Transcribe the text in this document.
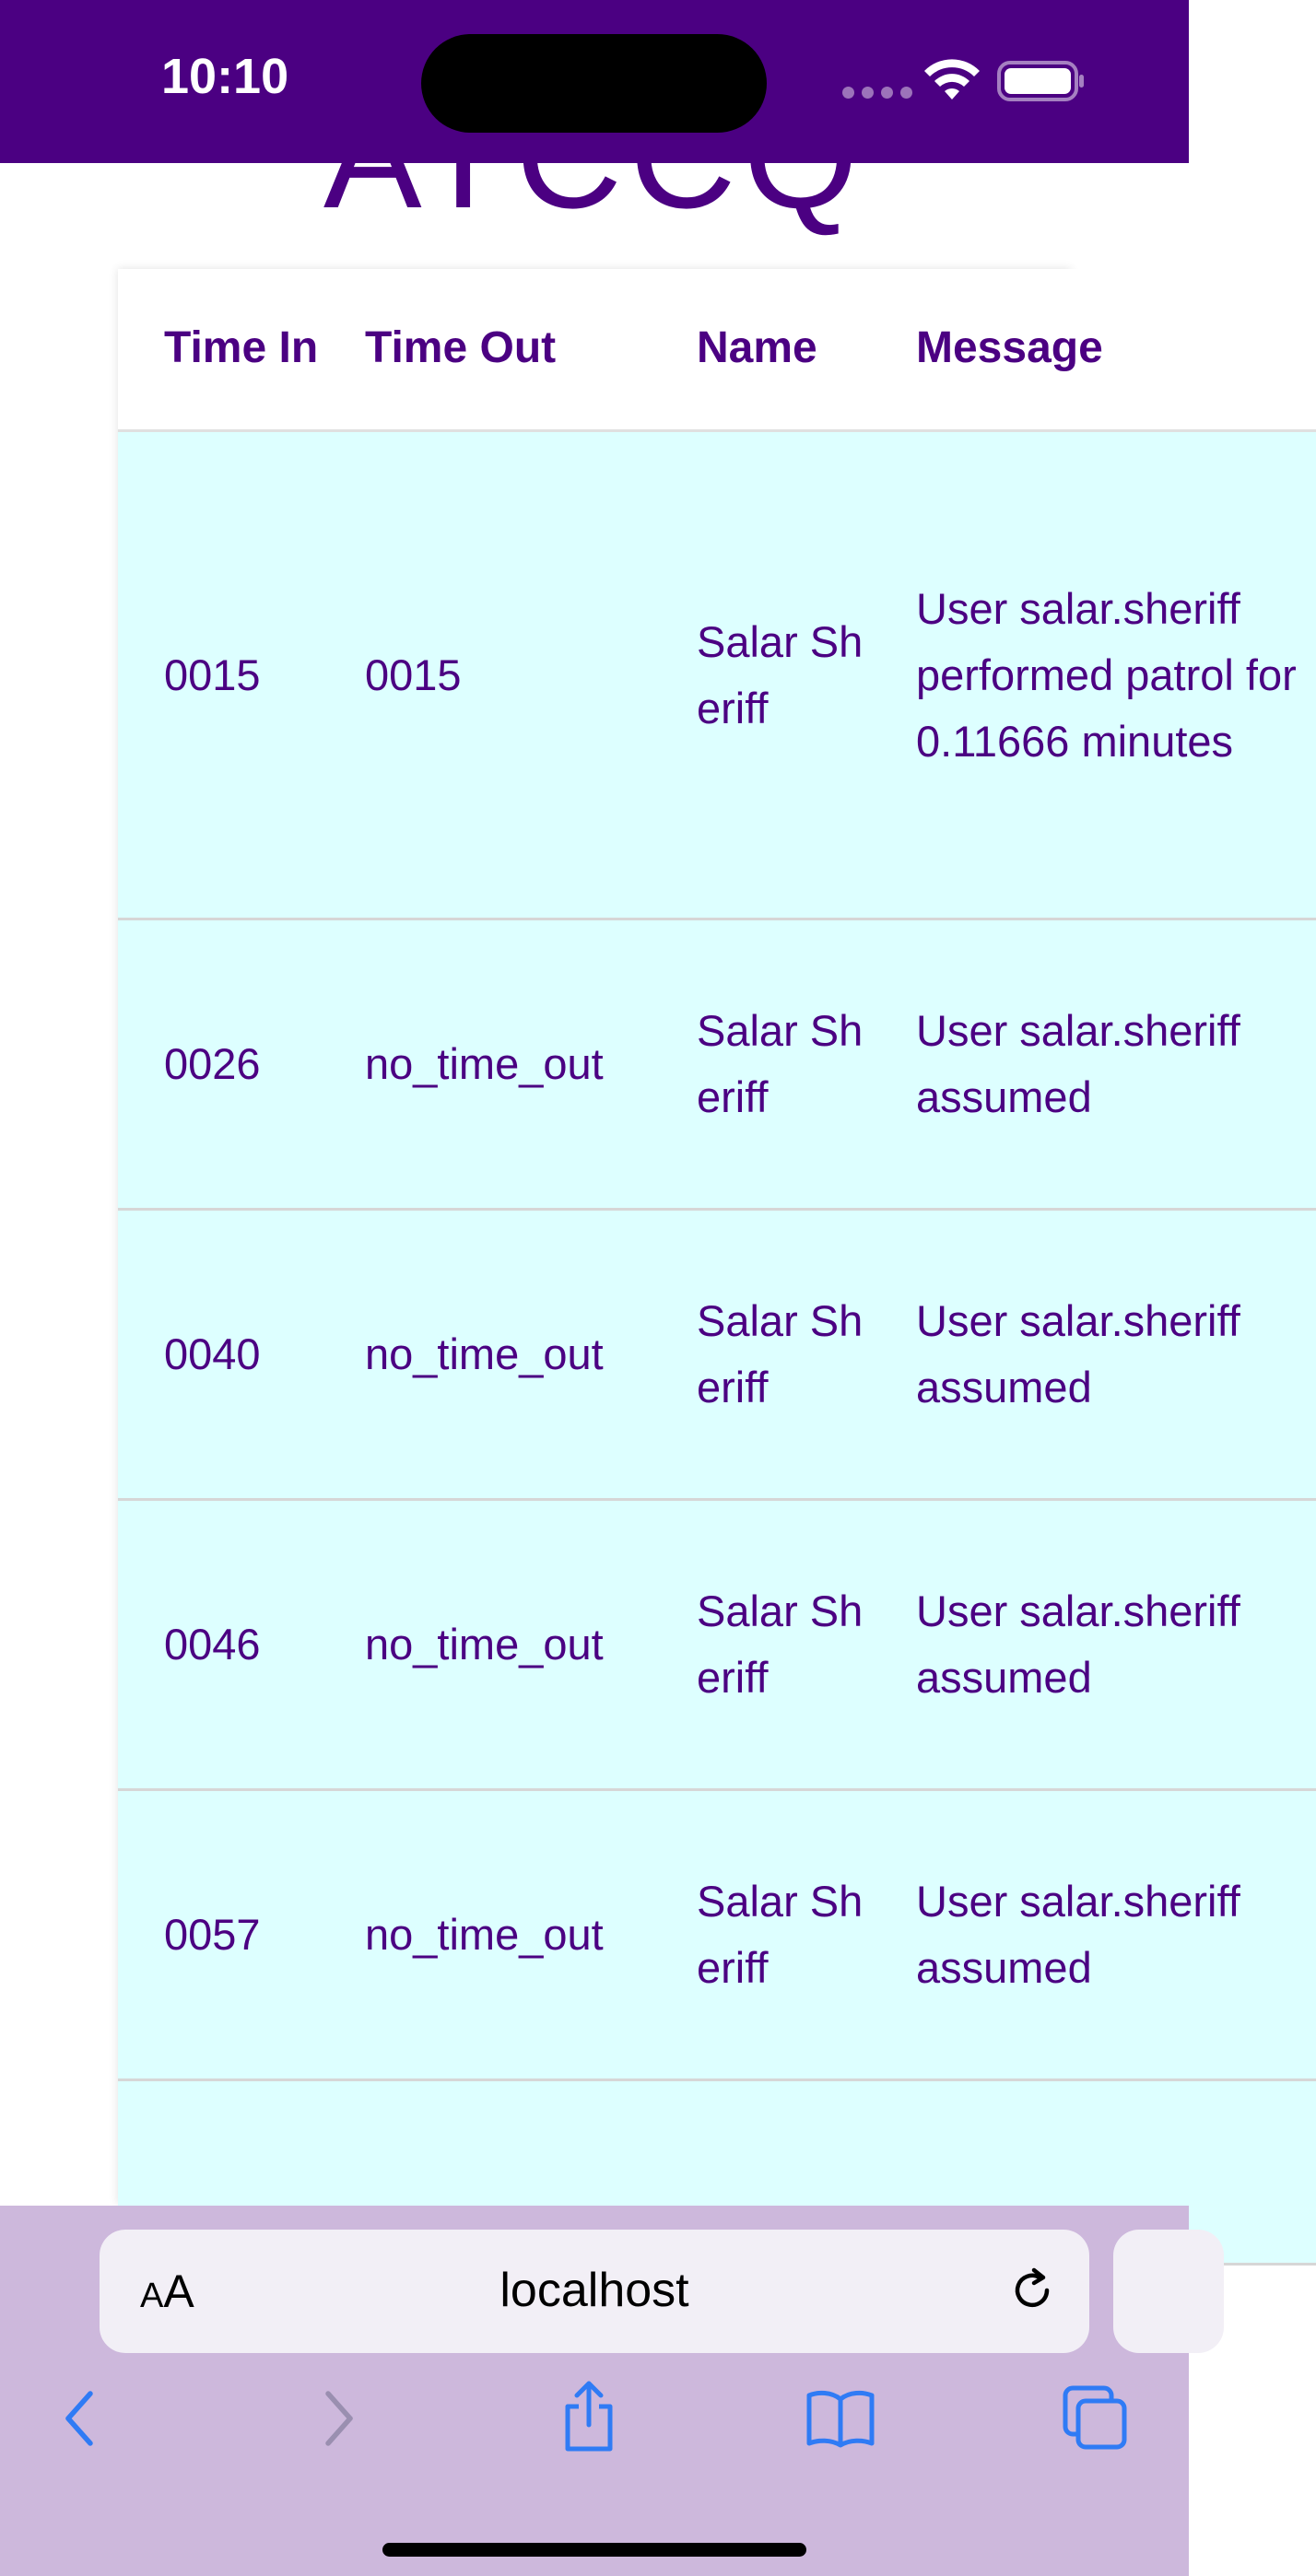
10:10
Time In	Time Out	Name	Message
0015	0015	Salar Sheriff	User salar.sheriff performed patrol for 0.11666 minutes
0026	no_time_out	Salar Sheriff	User salar.sheriff assumed
0040	no_time_out	Salar Sheriff	User salar.sheriff assumed
0046	no_time_out	Salar Sheriff	User salar.sheriff assumed
0057	no_time_out	Salar Sheriff	User salar.sheriff assumed

AA	localhost
